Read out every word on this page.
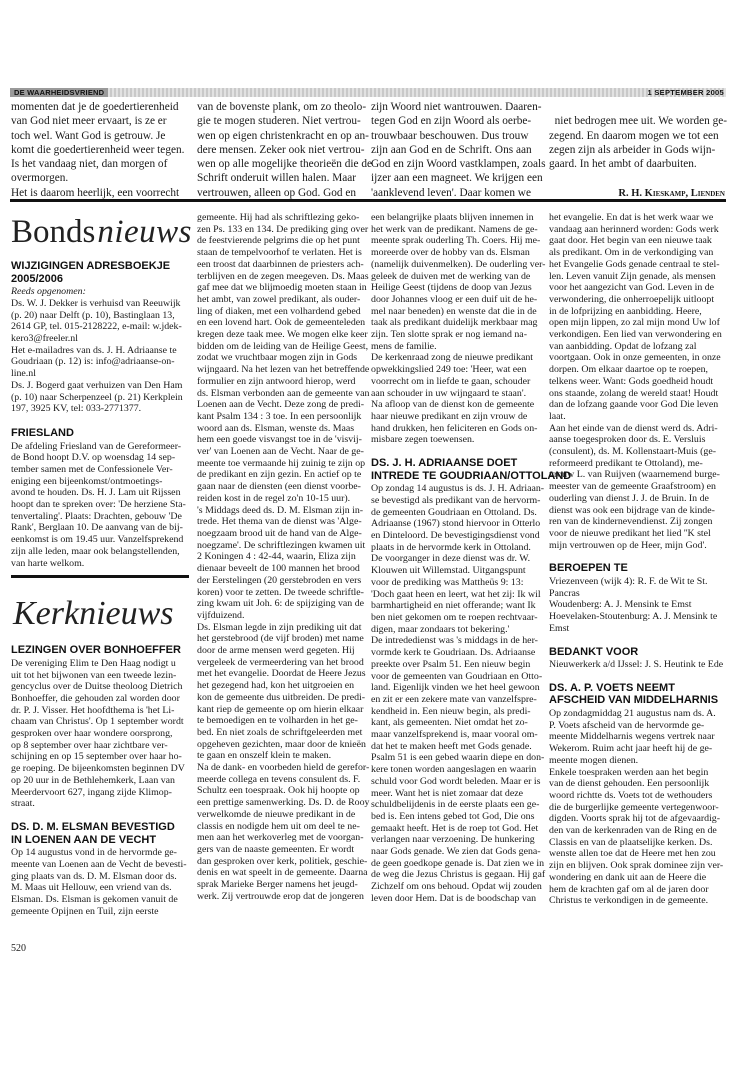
DE WAARHEIDSVRIEND	1 SEPTEMBER 2005
momenten dat je de goedertierenheid
van God niet meer ervaart, is ze er
toch wel. Want God is getrouw. Je
komt die goedertierenheid weer tegen.
Is het vandaag niet, dan morgen of
overmorgen.
Het is daarom heerlijk, een voorrecht
van de bovenste plank, om zo theolo-
gie te mogen studeren. Niet vertrou-
wen op eigen christenkracht en op an-
dere mensen. Zeker ook niet vertrou-
wen op alle mogelijke theorieën die de
Schrift onderuit willen halen. Maar
vertrouwen, alleen op God. God en
zijn Woord niet wantrouwen. Daaren-
tegen God en zijn Woord als oerbe-
trouwbaar beschouwen. Dus trouw
zijn aan God en de Schrift. Ons aan
God en zijn Woord vastklampen, zoals
ijzer aan een magneet. We krijgen een
'aanklevend leven'. Daar komen we

niet bedrogen mee uit. We worden ge-
zegend. En daarom mogen we tot een
zegen zijn als arbeider in Gods wijn-
gaard. In het ambt of daarbuiten.

R. H. Kieskamp, Lienden

Bonds nieuws
WIJZIGINGEN ADRESBOEKJE
2005/2006
Reeds opgenomen:

Ds. W. J. Dekker is verhuisd van Reeuwijk
(p. 20) naar Delft (p. 10), Bastinglaan 13,
2614 GP, tel. 015-2128222, e-mail: w.jdek-
kero3@freeler.nl
Het e-mailadres van ds. J. H. Adriaanse te
Goudriaan (p. 12) is: info@adriaanse-on-
line.nl
Ds. J. Bogerd gaat verhuizen van Den Ham
(p. 10) naar Scherpenzeel (p. 21) Kerkplein
197, 3925 KV, tel: 033-2771377.

FRIESLAND

De afdeling Friesland van de Gereformeer-
de Bond hoopt D.V. op woensdag 14 sep-
tember samen met de Confessionele Ver-
eniging een bijeenkomst/ontmoetings-
avond te houden. Ds. H. J. Lam uit Rijssen
hoopt dan te spreken over: 'De herziene Sta-
tenvertaling'. Plaats: Drachten, gebouw 'De
Rank', Berglaan 10. De aanvang van de bij-
eenkomst is om 19.45 uur. Vanzelfsprekend
zijn alle leden, maar ook belangstellenden,
van harte welkom.

Kerknieuws
LEZINGEN OVER BONHOEFFER

De vereniging Elim te Den Haag nodigt u
uit tot het bijwonen van een tweede lezin-
gencyclus over de Duitse theoloog Dietrich
Bonhoeffer, die gehouden zal worden door
dr. P. J. Visser. Het hoofdthema is 'het Li-
chaam van Christus'. Op 1 september wordt
gesproken over haar wondere oorsprong,
op 8 september over haar zichtbare ver-
schijning en op 15 september over haar ho-
ge roeping. De bijeenkomsten beginnen DV
op 20 uur in de Bethlehemkerk, Laan van
Meerdervoort 627, ingang zijde Klimop-
straat.

DS. D. M. ELSMAN BEVESTIGD
IN LOENEN AAN DE VECHT

Op 14 augustus vond in de hervormde ge-
meente van Loenen aan de Vecht de bevesti-
ging plaats van ds. D. M. Elsman door ds.
M. Maas uit Hellouw, een vriend van ds.
Elsman. Ds. Elsman is gekomen vanuit de
gemeente Opijnen en Tuil, zijn eerste

gemeente. Hij had als schriftlezing geko-
zen Ps. 133 en 134. De prediking ging over
de feestvierende pelgrims die op het punt
staan de tempelvoorhof te verlaten. Het is
een troost dat daarbinnen de priesters ach-
terblijven en de zegen meegeven. Ds. Maas
gaf mee dat we blijmoedig moeten staan in
het ambt, van zowel predikant, als ouder-
ling of diaken, met een volhardend gebed
en een lovend hart. Ook de gemeenteleden
kregen deze taak mee. We mogen elke keer
bidden om de leiding van de Heilige Geest,
zodat we vruchtbaar mogen zijn in Gods
wijngaard. Na het lezen van het betreffende
formulier en zijn antwoord hierop, werd
ds. Elsman verbonden aan de gemeente van
Loenen aan de Vecht. Deze zong de predi-
kant Psalm 134 : 3 toe. In een persoonlijk
woord aan ds. Elsman, wenste ds. Maas
hem een goede visvangst toe in de 'visvij-
ver' van Loenen aan de Vecht. Naar de ge-
meente toe vermaande hij zuinig te zijn op
de predikant en zijn gezin. En actief op te
gaan naar de diensten (een dienst voorbe-
reiden kost in de regel zo'n 10-15 uur).
's Middags deed ds. D. M. Elsman zijn in-
trede. Het thema van de dienst was 'Alge-
noegzaam brood uit de hand van de Alge-
noegzame'. De schriftlezingen kwamen uit
2 Koningen 4 : 42-44, waarin, Eliza zijn
dienaar beveelt de 100 mannen het brood
der Eerstelingen (20 gerstebroden en vers
koren) voor te zetten. De tweede schriftle-
zing kwam uit Joh. 6: de spijziging van de
vijfduizend.
Ds. Elsman legde in zijn prediking uit dat
het gerstebrood (de vijf broden) met name
door de arme mensen werd gegeten. Hij
vergeleek de vermeerdering van het brood
met het evangelie. Doordat de Heere Jezus
het gezegend had, kon het uitgroeien en
kon de gemeente dus uitbreiden. De predi-
kant riep de gemeente op om hierin elkaar
te bemoedigen en te volharden in het ge-
bed. En niet zoals de schriftgeleerden met
opgeheven gezichten, maar door de knieën
te gaan en onszelf klein te maken.
Na de dank- en voorbeden hield de gerefor-
meerde collega en tevens consulent ds. F.
Schultz een toespraak. Ook hij hoopte op
een prettige samenwerking. Ds. D. de Rooy
verwelkomde de nieuwe predikant in de
classis en nodigde hem uit om deel te ne-
men aan het werkoverleg met de voorgan-
gers van de naaste gemeenten. Er wordt
dan gesproken over kerk, politiek, geschie-
denis en wat speelt in de gemeente. Daarna
sprak Marieke Berger namens het jeugd-
werk. Zij vertrouwde erop dat de jongeren

een belangrijke plaats blijven innemen in
het werk van de predikant. Namens de ge-
meente sprak ouderling Th. Coers. Hij me-
moreerde over de hobby van ds. Elsman
(namelijk duivenmelken). De ouderling ver-
geleek de duiven met de werking van de
Heilige Geest (tijdens de doop van Jezus
door Johannes vloog er een duif uit de he-
mel naar beneden) en wenste dat die in de
taak als predikant duidelijk merkbaar mag
zijn. Ten slotte sprak er nog iemand na-
mens de familie.
De kerkenraad zong de nieuwe predikant
opwekkingslied 249 toe: 'Heer, wat een
voorrecht om in liefde te gaan, schouder
aan schouder in uw wijngaard te staan'.
Na afloop van de dienst kon de gemeente
haar nieuwe predikant en zijn vrouw de
hand drukken, hen feliciteren en Gods on-
misbare zegen toewensen.

DS. J. H. ADRIAANSE DOET
INTREDE TE GOUDRIAAN/OTTOLAND

Op zondag 14 augustus is ds. J. H. Adriaan-
se bevestigd als predikant van de hervorm-
de gemeenten Goudriaan en Ottoland. Ds.
Adriaanse (1967) stond hiervoor in Otterlo
en Dinteloord. De bevestigingsdienst vond
plaats in de hervormde kerk in Ottoland.
De voorganger in deze dienst was dr. W.
Klouwen uit Willemstad. Uitgangspunt
voor de prediking was Mattheüs 9: 13:
'Doch gaat heen en leert, wat het zij: Ik wil
barmhartigheid en niet offerande; want Ik
ben niet gekomen om te roepen rechtvaar-
digen, maar zondaars tot bekering.'
De intrededienst was 's middags in de her-
vormde kerk te Goudriaan. Ds. Adriaanse
preekte over Psalm 51. Een nieuw begin
voor de gemeenten van Goudriaan en Otto-
land. Eigenlijk vinden we het heel gewoon
en zit er een zekere mate van vanzelfspre-
kendheid in. Een nieuw begin, als predi-
kant, als gemeenten. Niet omdat het zo-
maar vanzelfsprekend is, maar vooral om-
dat het te maken heeft met Gods genade.
Psalm 51 is een gebed waarin diepe en don-
kere tonen worden aangeslagen en waarin
schuld voor God wordt beleden. Maar er is
meer. Want het is niet zomaar dat deze
schuldbelijdenis in de eerste plaats een ge-
bed is. Een intens gebed tot God, Die ons
gemaakt heeft. Het is de roep tot God. Het
verlangen naar verzoening. De hunkering
naar Gods genade. We zien dat Gods gena-
de geen goedkope genade is. Dat zien we in
de weg die Jezus Christus is gegaan. Hij gaf
Zichzelf om ons behoud. Opdat wij zouden
leven door Hem. Dat is de boodschap van

het evangelie. En dat is het werk waar we
vandaag aan herinnerd worden: Gods werk
gaat door. Het begin van een nieuwe taak
als predikant. Om in de verkondiging van
het Evangelie Gods genade centraal te stel-
len. Leven vanuit Zijn genade, als mensen
voor het aangezicht van God. Leven in de
verwondering, die onherroepelijk uitloopt
in de lofprijzing en aanbidding. Heere,
open mijn lippen, zo zal mijn mond Uw lof
verkondigen. Een lied van verwondering en
van aanbidding. Opdat de lofzang zal
voortgaan. Ook in onze gemeenten, in onze
dorpen. Om elkaar daartoe op te roepen,
telkens weer. Want: Gods goedheid houdt
ons staande, zolang de wereld staat! Houdt
dan de lofzang gaande voor God Die leven
laat.
Aan het einde van de dienst werd ds. Adri-
aanse toegesproken door ds. E. Versluis
(consulent), ds. M. Kollenstaart-Muis (ge-
reformeerd predikant te Ottoland), me-
vrouw L. van Ruijven (waarnemend burge-
meester van de gemeente Graafstroom) en
ouderling van dienst J. J. de Bruin. In de
dienst was ook een bijdrage van de kinde-
ren van de kindernevendienst. Zij zongen
voor de nieuwe predikant het lied ''K stel
mijn vertrouwen op de Heer, mijn God'.

BEROEPEN TE

Vriezenveen (wijk 4): R. F. de Wit te St.
Pancras
Woudenberg: A. J. Mensink te Emst
Hoevelaken-Stoutenburg: A. J. Mensink te
Emst

BEDANKT VOOR

Nieuwerkerk a/d IJssel: J. S. Heutink te Ede

DS. A. P. VOETS NEEMT
AFSCHEID VAN MIDDELHARNIS

Op zondagmiddag 21 augustus nam ds. A.
P. Voets afscheid van de hervormde ge-
meente Middelharnis wegens vertrek naar
Wekerom. Ruim acht jaar heeft hij de ge-
meente mogen dienen.
Enkele toespraken werden aan het begin
van de dienst gehouden. Een persoonlijk
woord richtte ds. Voets tot de wethouders
die de burgerlijke gemeente vertegenwoor-
digden. Voorts sprak hij tot de afgevaardig-
den van de kerkenraden van de Ring en de
Classis en van de plaatselijke kerken. Ds.
wenste allen toe dat de Heere met hen zou
zijn en blijven. Ook sprak dominee zijn ver-
wondering en dank uit aan de Heere die
hem de krachten gaf om al de jaren door
Christus te verkondigen in de gemeente.

520
